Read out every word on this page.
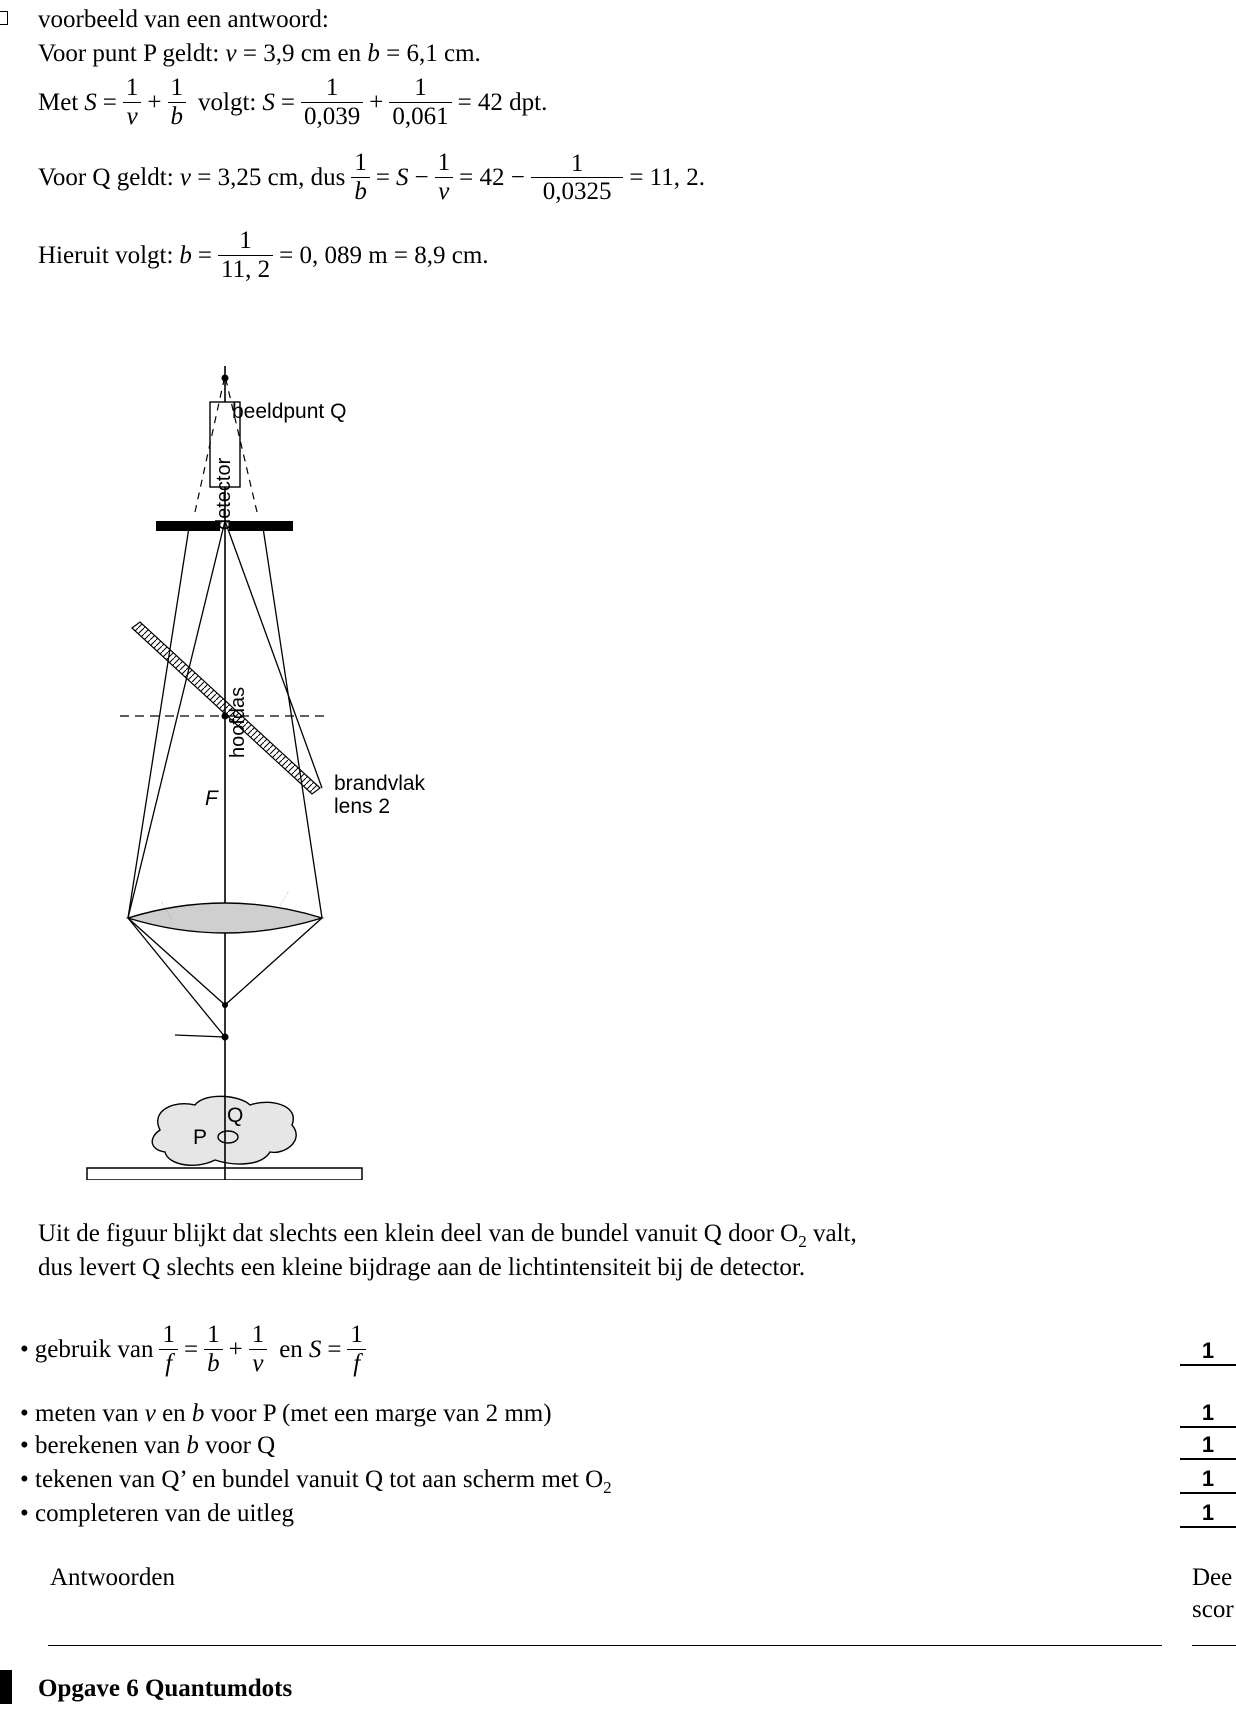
voorbeeld van een antwoord:
Voor punt P geldt: v = 3,9 cm en b = 6,1 cm.
Met $S = \frac{1}{v} + \frac{1}{b} volgt$: $S = \frac{1}{0,039} + \frac{1}{0,061} = 42$ dpt.
Voor Q geldt: v = 3,25 cm, dus $\frac{1}{b} = S - \frac{1}{v} = 42 - \frac{1}{0,0325} = 11$, 2.
Hieruit volgt: $b = \frac{1}{11, 2} = 0$, 089 m = 8,9 cm.
beeldpunt Q
detector
hoofdas
brandvlak
lens 2
F
Q
P
Uit de figuur blijkt dat slechts een klein deel van de bundel vanuit Q door $O_2$ valt,
dus levert Q slechts een kleine bijdrage aan de lichtintensiteit bij de detector.
• gebruik van $\frac{1}{f} = \frac{1}{b} + \frac{1}{v}$ en $S = \frac{1}{f}$	1
• meten van v en b voor P (met een marge van 2 mm)	1
• berekenen van b voor Q	1
• tekenen van Q’ en bundel vanuit Q tot aan scherm met $O_2$	1
• completeren van de uitleg	1
Antwoorden	Dee
scor
Opgave 6 Quantumdots
